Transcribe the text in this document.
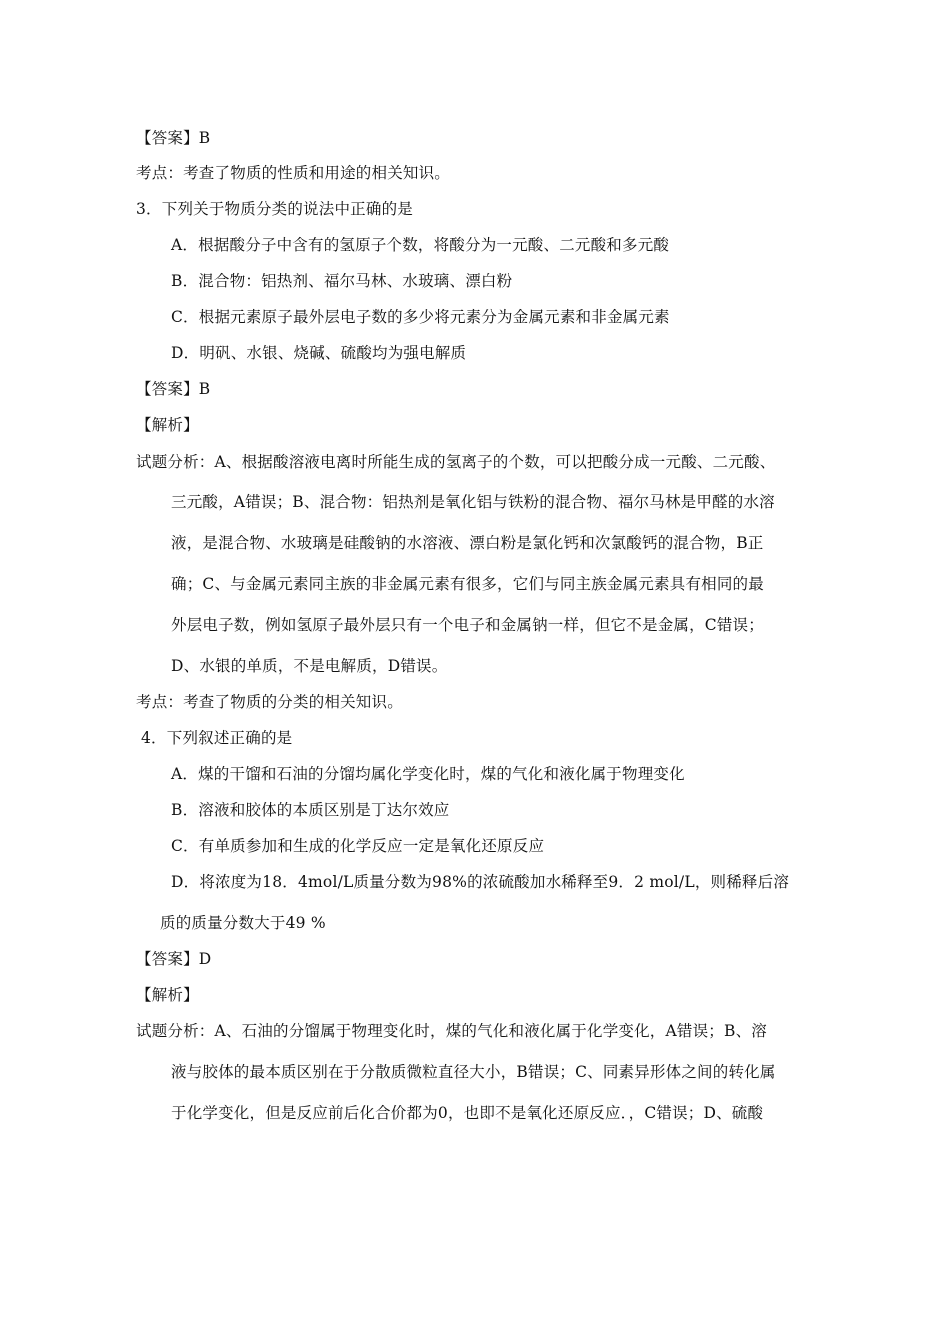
【答案】B
考点：考查了物质的性质和用途的相关知识。
3．下列关于物质分类的说法中正确的是
A．根据酸分子中含有的氢原子个数，将酸分为一元酸、二元酸和多元酸
B．混合物：铝热剂、福尔马林、水玻璃、漂白粉
C．根据元素原子最外层电子数的多少将元素分为金属元素和非金属元素
D．明矾、水银、烧碱、硫酸均为强电解质
【答案】B
【解析】
试题分析：A、根据酸溶液电离时所能生成的氢离子的个数，可以把酸分成一元酸、二元酸、
三元酸，A错误；B、混合物：铝热剂是氧化铝与铁粉的混合物、福尔马林是甲醛的水溶
液，是混合物、水玻璃是硅酸钠的水溶液、漂白粉是氯化钙和次氯酸钙的混合物，B正
确；C、与金属元素同主族的非金属元素有很多，它们与同主族金属元素具有相同的最
外层电子数，例如氢原子最外层只有一个电子和金属钠一样，但它不是金属，C错误；
D、水银的单质，不是电解质，D错误。
考点：考查了物质的分类的相关知识。
4．下列叙述正确的是
A．煤的干馏和石油的分馏均属化学变化时，煤的气化和液化属于物理变化
B．溶液和胶体的本质区别是丁达尔效应
C．有单质参加和生成的化学反应一定是氧化还原反应
D．将浓度为18．4mol/L质量分数为98%的浓硫酸加水稀释至9．2 mol/L，则稀释后溶
质的质量分数大于49 %
【答案】D
【解析】
试题分析：A、石油的分馏属于物理变化时，煤的气化和液化属于化学变化，A错误；B、溶
液与胶体的最本质区别在于分散质微粒直径大小，B错误；C、同素异形体之间的转化属
于化学变化，但是反应前后化合价都为0，也即不是氧化还原反应．，C错误；D、硫酸
